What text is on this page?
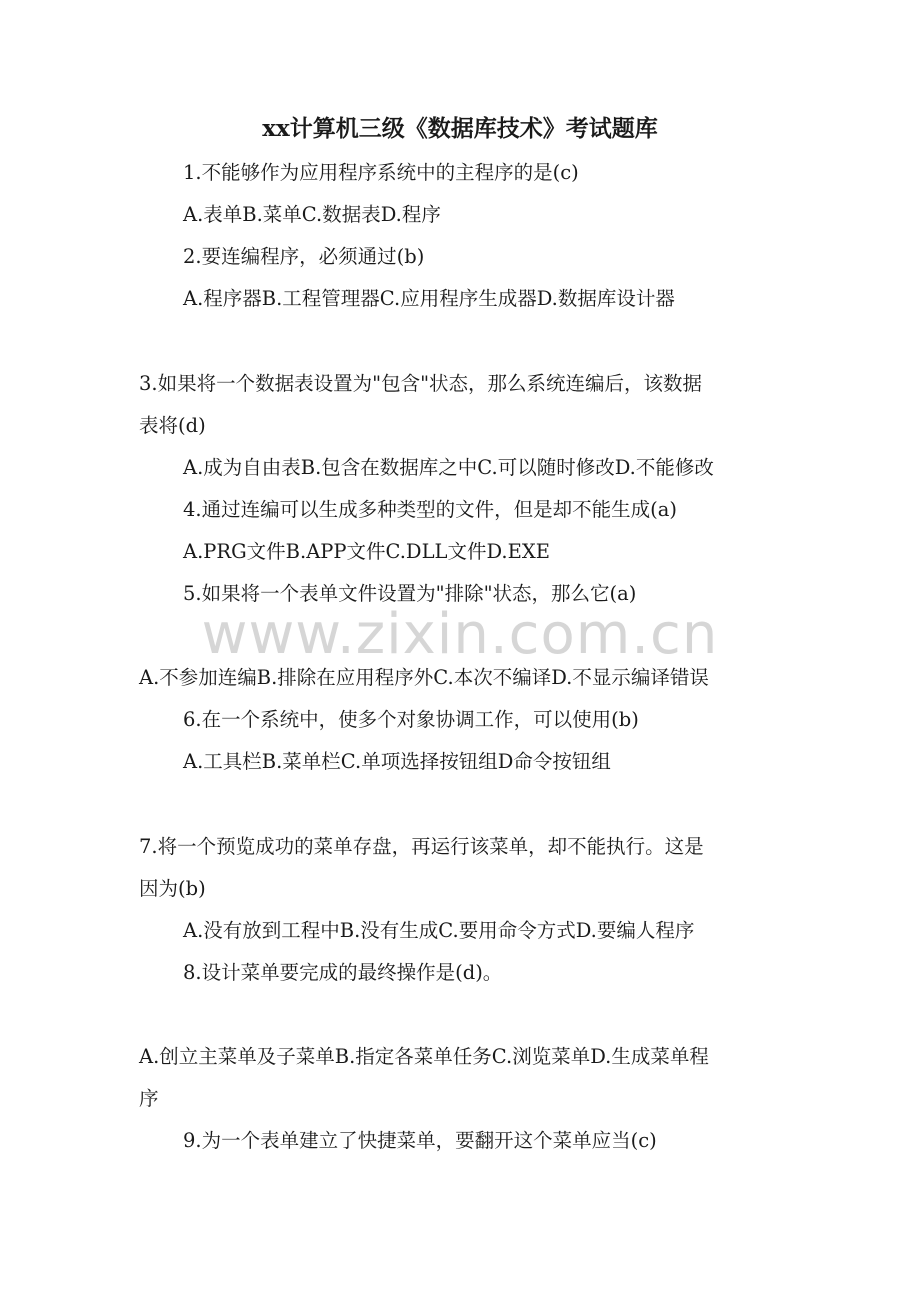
xx计算机三级《数据库技术》考试题库
1.不能够作为应用程序系统中的主程序的是(c)
A.表单B.菜单C.数据表D.程序
2.要连编程序，必须通过(b)
A.程序器B.工程管理器C.应用程序生成器D.数据库设计器
3.如果将一个数据表设置为"包含"状态，那么系统连编后，该数据
表将(d)
A.成为自由表B.包含在数据库之中C.可以随时修改D.不能修改
4.通过连编可以生成多种类型的文件，但是却不能生成(a)
A.PRG文件B.APP文件C.DLL文件D.EXE
5.如果将一个表单文件设置为"排除"状态，那么它(a)
www.zixin.com.cn
A.不参加连编B.排除在应用程序外C.本次不编译D.不显示编译错误
6.在一个系统中，使多个对象协调工作，可以使用(b)
A.工具栏B.菜单栏C.单项选择按钮组D命令按钮组
7.将一个预览成功的菜单存盘，再运行该菜单，却不能执行。这是
因为(b)
A.没有放到工程中B.没有生成C.要用命令方式D.要编人程序
8.设计菜单要完成的最终操作是(d)。
A.创立主菜单及子菜单B.指定各菜单任务C.浏览菜单D.生成菜单程
序
9.为一个表单建立了快捷菜单，要翻开这个菜单应当(c)
